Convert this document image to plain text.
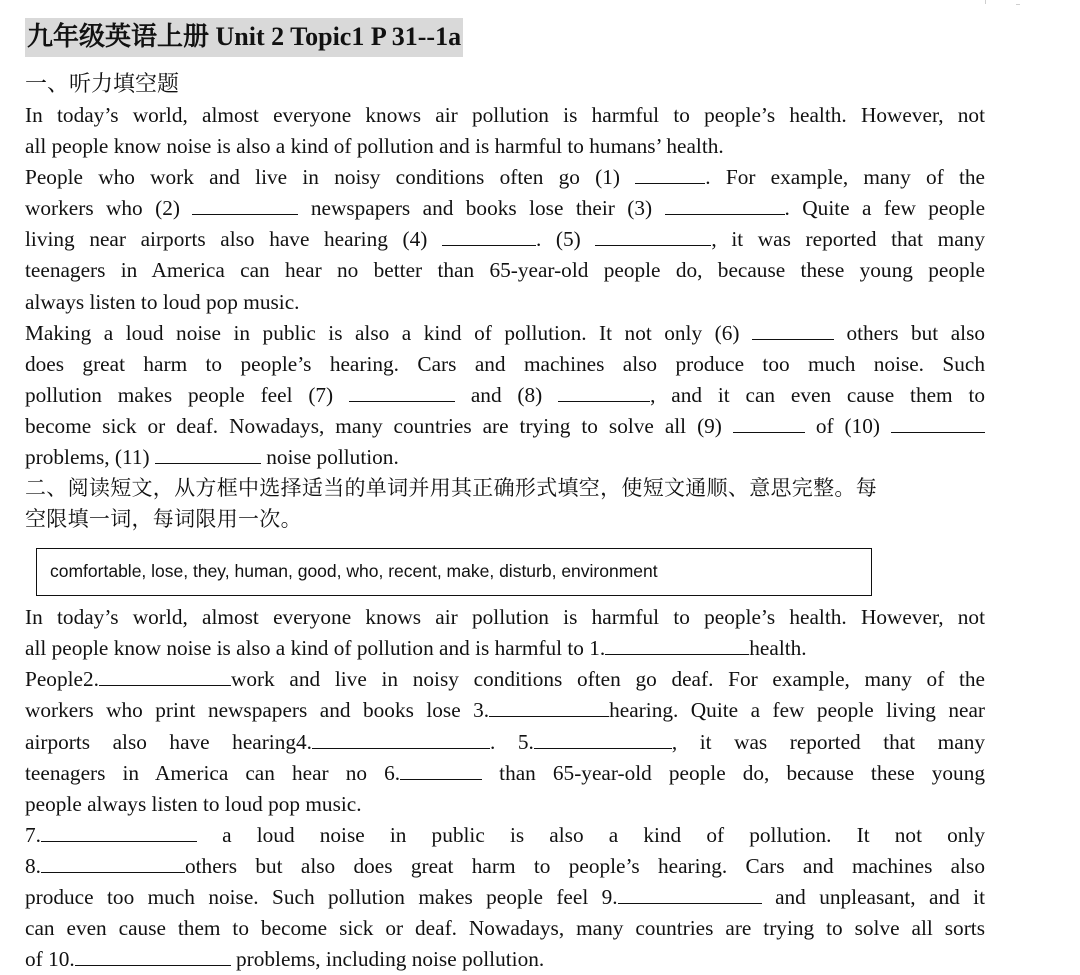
九年级英语上册 Unit 2 Topic1 P 31--1a
一、听力填空题
In today’s world, almost everyone knows air pollution is harmful to people’s health. However, not
all people know noise is also a kind of pollution and is harmful to humans’ health.
People who work and live in noisy conditions often go (1)	. For example, many of the
workers who (2)	newspapers and books lose their (3)	. Quite a few people
living near airports also have hearing (4)	. (5)	, it was reported that many
teenagers in America can hear no better than 65-year-old people do, because these young people
always listen to loud pop music.
Making a loud noise in public is also a kind of pollution. It not only (6)	others but also
does great harm to people’s hearing. Cars and machines also produce too much noise. Such
pollution makes people feel (7)	and (8)	, and it can even cause them to
become sick or deaf. Nowadays, many countries are trying to solve all (9)	of (10)
problems, (11)	noise pollution.
二、阅读短文，从方框中选择适当的单词并用其正确形式填空，使短文通顺、意思完整。每
空限填一词，每词限用一次。
comfortable, lose, they, human, good, who, recent, make, disturb, environment
In today’s world, almost everyone knows air pollution is harmful to people’s health. However, not
all people know noise is also a kind of pollution and is harmful to 1.	health.
People2.	work and live in noisy conditions often go deaf. For example, many of the
workers who print newspapers and books lose 3.	hearing. Quite a few people living near
airports also have hearing4.	. 5.	, it was reported that many
teenagers in America can hear no 6.	than 65-year-old people do, because these young
people always listen to loud pop music.
7.	a loud noise in public is also a kind of pollution. It not only
8.	others but also does great harm to people’s hearing. Cars and machines also
produce too much noise. Such pollution makes people feel 9.	and unpleasant, and it
can even cause them to become sick or deaf. Nowadays, many countries are trying to solve all sorts
of 10.	problems, including noise pollution.
